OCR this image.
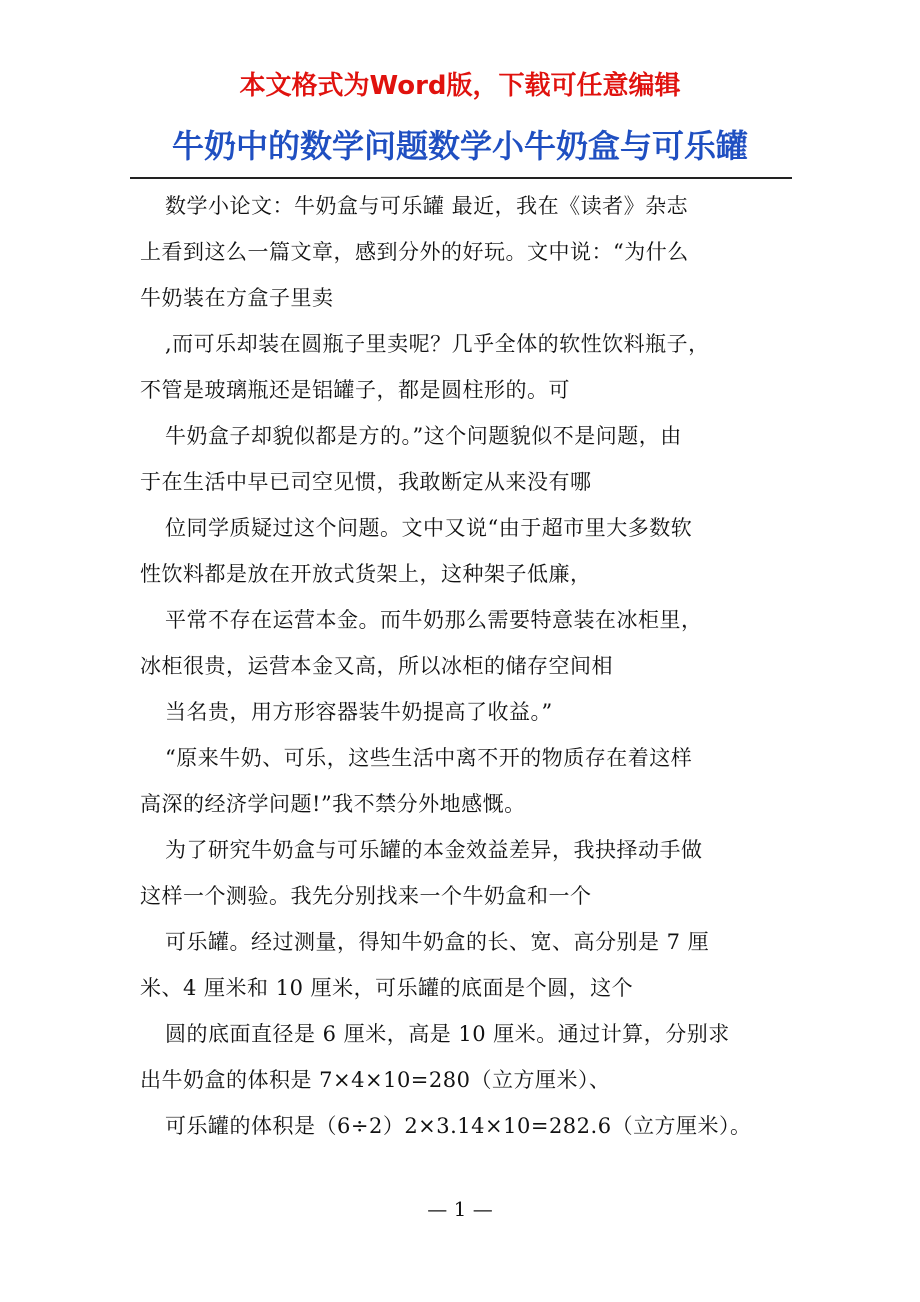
本文格式为Word版，下载可任意编辑
牛奶中的数学问题数学小牛奶盒与可乐罐

数学小论文：牛奶盒与可乐罐 最近，我在《读者》杂志

上看到这么一篇文章，感到分外的好玩。文中说：“为什么

牛奶装在方盒子里卖

,而可乐却装在圆瓶子里卖呢？几乎全体的软性饮料瓶子，

不管是玻璃瓶还是铝罐子，都是圆柱形的。可

牛奶盒子却貌似都是方的。”这个问题貌似不是问题，由

于在生活中早已司空见惯，我敢断定从来没有哪

位同学质疑过这个问题。文中又说“由于超市里大多数软

性饮料都是放在开放式货架上，这种架子低廉，

平常不存在运营本金。而牛奶那么需要特意装在冰柜里，

冰柜很贵，运营本金又高，所以冰柜的储存空间相

当名贵，用方形容器装牛奶提高了收益。”

“原来牛奶、可乐，这些生活中离不开的物质存在着这样

高深的经济学问题!”我不禁分外地感慨。

为了研究牛奶盒与可乐罐的本金效益差异，我抉择动手做

这样一个测验。我先分别找来一个牛奶盒和一个

可乐罐。经过测量，得知牛奶盒的长、宽、高分别是 7 厘

米、4 厘米和 10 厘米，可乐罐的底面是个圆，这个

圆的底面直径是 6 厘米，高是 10 厘米。通过计算，分别求

出牛奶盒的体积是 7×4×10=280（立方厘米）、

可乐罐的体积是（6÷2）2×3.14×10=282.6（立方厘米）。

— 1 —
